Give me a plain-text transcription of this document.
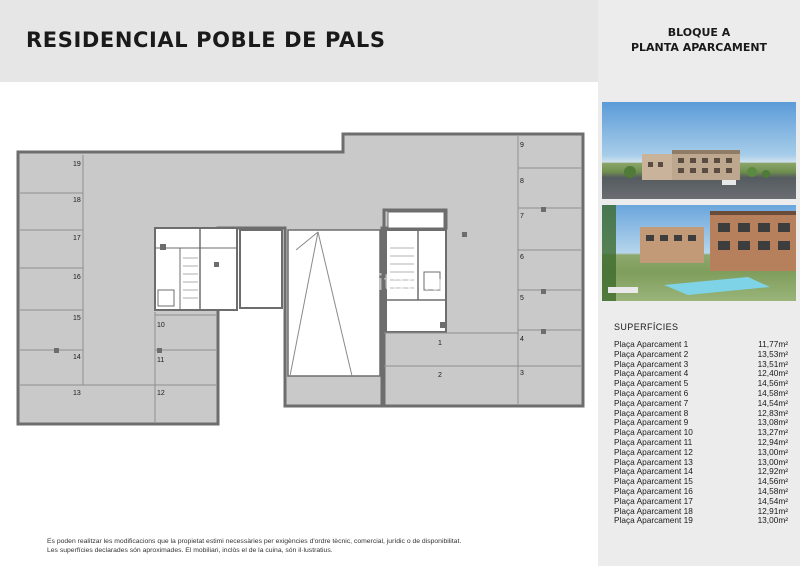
RESIDENCIAL POBLE DE PALS	BLOQUE A
PLANTA APARCAMENT
SUPERFÍCIES
Plaça Aparcament 1	11,77m²
Plaça Aparcament 2	13,53m²
Plaça Aparcament 3	13,51m²
Plaça Aparcament 4	12,40m²
Plaça Aparcament 5	14,56m²
Plaça Aparcament 6	14,58m²
Plaça Aparcament 7	14,54m²
Plaça Aparcament 8	12,83m²
Plaça Aparcament 9	13,08m²
Plaça Aparcament 10	13,27m²
Plaça Aparcament 11	12,94m²
Plaça Aparcament 12	13,00m²
Plaça Aparcament 13	13,00m²
Plaça Aparcament 14	12,92m²
Plaça Aparcament 15	14,56m²
Plaça Aparcament 16	14,58m²
Plaça Aparcament 17	14,54m²
Plaça Aparcament 18	12,91m²
Plaça Aparcament 19	13,00m²
1
2	3
4
5
6
7
8
9
10
11
12
13
14
15
16
17
18
19
habitaclia
Es poden realitzar les modificacions que la propietat estimi necessàries per exigències d'ordre tècnic, comercial, jurídic o de disponibilitat.
Les superfícies declarades són aproximades. El mobiliari, inclòs el de la cuina, són il·lustratius.
